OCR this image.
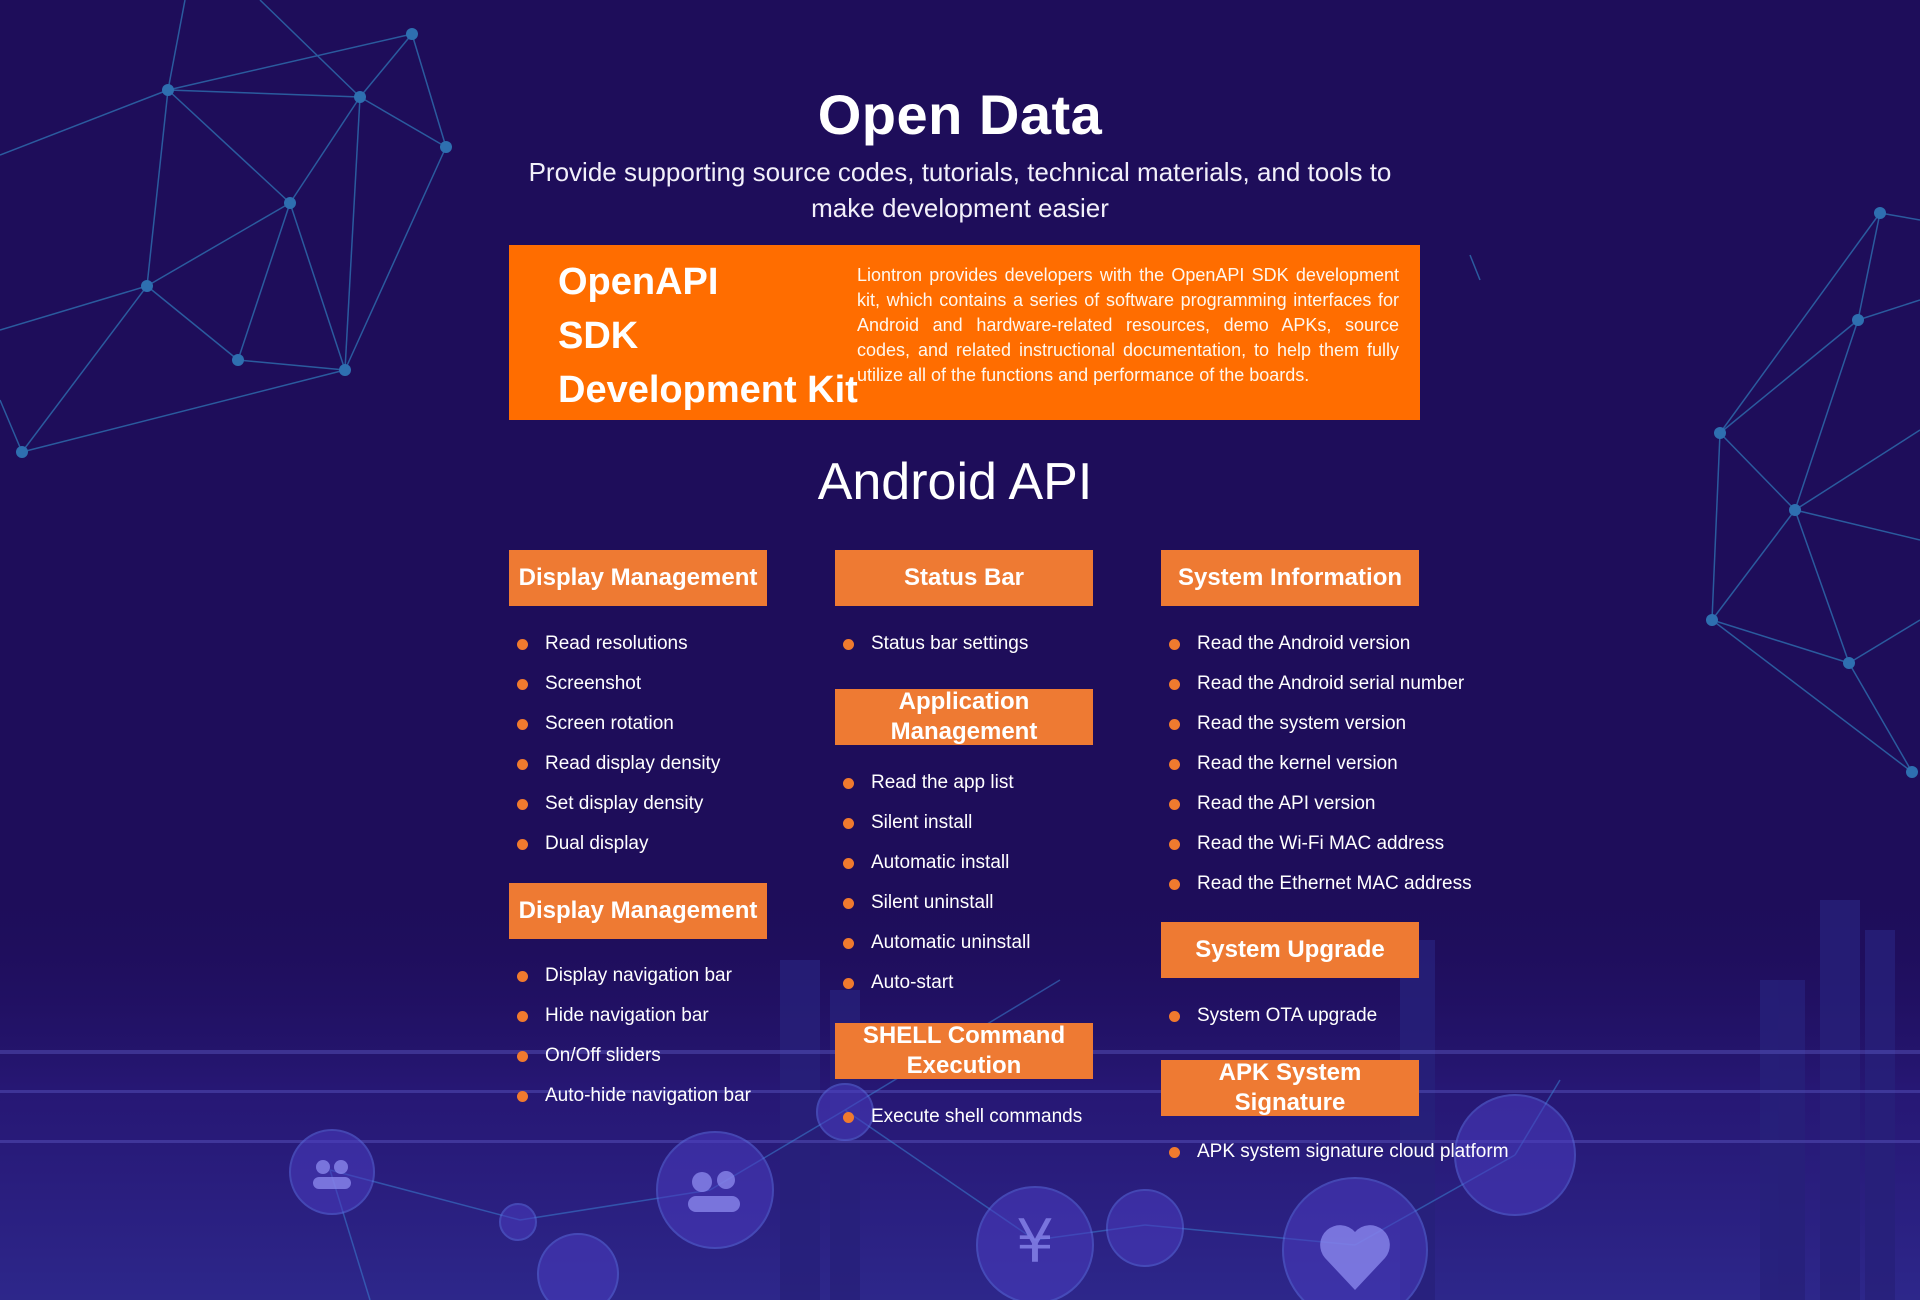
¥
Open Data
Provide supporting source codes, tutorials, technical materials, and tools to make development easier
OpenAPI
SDK
Development Kit
Liontron provides developers with the OpenAPI SDK development kit, which contains a series of software programming interfaces for Android and hardware-related resources, demo APKs, source codes, and related instructional documentation, to help them fully utilize all of the functions and performance of the boards.
Android API
Display Management
Read resolutions
Screenshot
Screen rotation
Read display density
Set display density
Dual display
Display Management
Display navigation bar
Hide navigation bar
On/Off sliders
Auto-hide navigation bar
Status Bar
Status bar settings
Application Management
Read the app list
Silent install
Automatic install
Silent uninstall
Automatic uninstall
Auto-start
SHELL Command Execution
Execute shell commands
System Information
Read the Android version
Read the Android serial number
Read the system version
Read the kernel version
Read the API version
Read the Wi-Fi MAC address
Read the Ethernet MAC address
System Upgrade
System OTA upgrade
APK System Signature
APK system signature cloud platform
